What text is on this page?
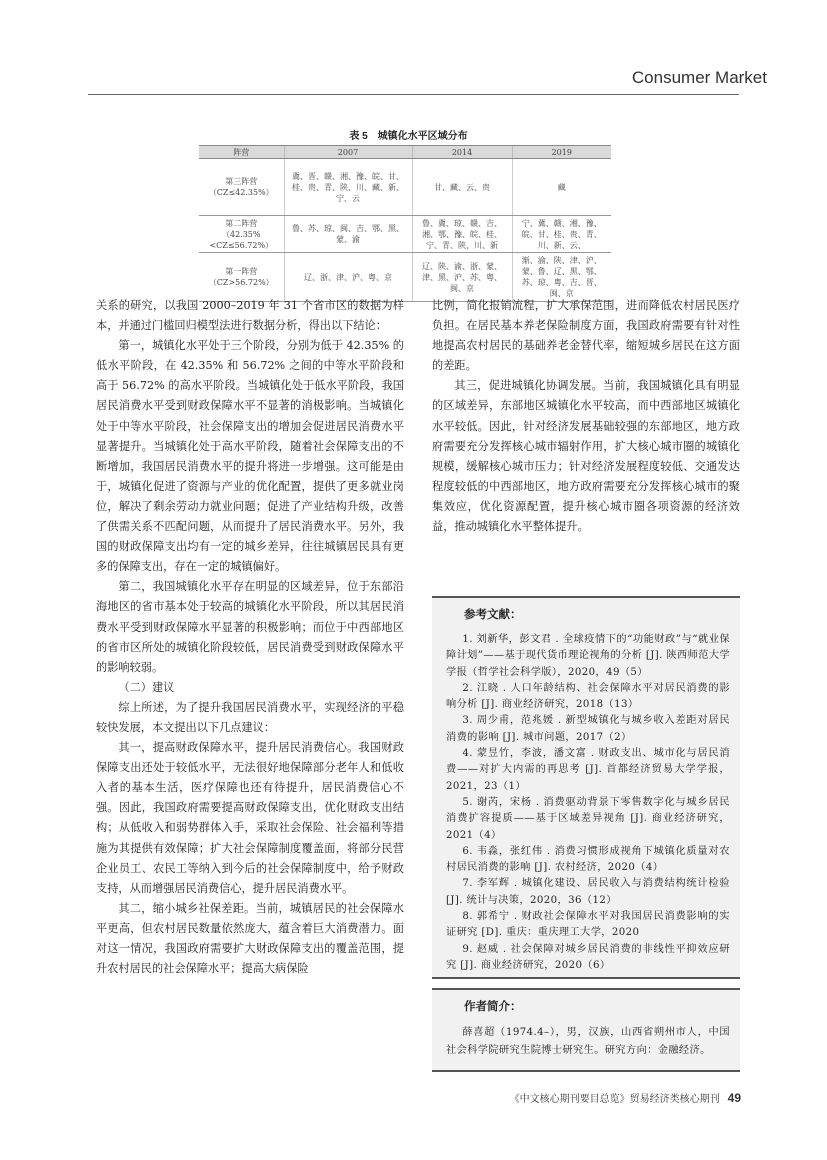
Consumer Market
表 5 城镇化水平区域分布
阵营	2007	2014	2019

第三阵营
（CZ≤42.35%）	冀、晋、赣、湘、豫、皖、甘、桂、贵、青、陕、川、藏、新、宁、云	甘、藏、云、贵	藏

第二阵营
（42.35%<CZ≤56.72%）	鲁、苏、琼、闽、吉、鄂、黑、蒙、渝	鲁、冀、琼、赣、吉、湘、鄂、豫、皖、桂、宁、青、陕、川、新	宁、冀、赣、湘、豫、皖、甘、桂、贵、青、川、新、云、

第一阵营
（CZ>56.72%）	辽、浙、津、沪、粤、京	辽、陕、渝、浙、蒙、津、黑、沪、苏、粤、闽、京	渐、渝、陕、津、沪、蒙、鲁、辽、黑、鄂、苏、琼、粤、吉、晋、闽、京

关系的研究，以我国 2000–2019 年 31 个省市区的数据为样本，并通过门槛回归模型法进行数据分析，得出以下结论：

第一，城镇化水平处于三个阶段，分别为低于 42.35% 的低水平阶段，在 42.35% 和 56.72% 之间的中等水平阶段和高于 56.72% 的高水平阶段。当城镇化处于低水平阶段，我国居民消费水平受到财政保障水平不显著的消极影响。当城镇化处于中等水平阶段，社会保障支出的增加会促进居民消费水平显著提升。当城镇化处于高水平阶段，随着社会保障支出的不断增加，我国居民消费水平的提升将进一步增强。这可能是由于，城镇化促进了资源与产业的优化配置，提供了更多就业岗位，解决了剩余劳动力就业问题；促进了产业结构升级，改善了供需关系不匹配问题，从而提升了居民消费水平。另外，我国的财政保障支出均有一定的城乡差异，往往城镇居民具有更多的保障支出，存在一定的城镇偏好。

第二，我国城镇化水平存在明显的区域差异，位于东部沿海地区的省市基本处于较高的城镇化水平阶段，所以其居民消费水平受到财政保障水平显著的积极影响；而位于中西部地区的省市区所处的城镇化阶段较低，居民消费受到财政保障水平的影响较弱。

（二）建议

综上所述，为了提升我国居民消费水平，实现经济的平稳较快发展，本文提出以下几点建议：

其一，提高财政保障水平，提升居民消费信心。我国财政保障支出还处于较低水平，无法很好地保障部分老年人和低收入者的基本生活，医疗保障也还有待提升，居民消费信心不强。因此，我国政府需要提高财政保障支出，优化财政支出结构；从低收入和弱势群体入手，采取社会保险、社会福利等措施为其提供有效保障；扩大社会保障制度覆盖面，将部分民营企业员工、农民工等纳入到今后的社会保障制度中，给予财政支持，从而增强居民消费信心，提升居民消费水平。

其二，缩小城乡社保差距。当前，城镇居民的社会保障水平更高，但农村居民数量依然庞大，蕴含着巨大消费潜力。面对这一情况，我国政府需要扩大财政保障支出的覆盖范围，提升农村居民的社会保障水平；提高大病保险

比例，简化报销流程，扩大承保范围，进而降低农村居民医疗负担。在居民基本养老保险制度方面，我国政府需要有针对性地提高农村居民的基础养老金替代率，缩短城乡居民在这方面的差距。

其三，促进城镇化协调发展。当前，我国城镇化具有明显的区域差异，东部地区城镇化水平较高，而中西部地区城镇化水平较低。因此，针对经济发展基础较强的东部地区，地方政府需要充分发挥核心城市辐射作用，扩大核心城市圈的城镇化规模，缓解核心城市压力；针对经济发展程度较低、交通发达程度较低的中西部地区，地方政府需要充分发挥核心城市的聚集效应，优化资源配置，提升核心城市圈各项资源的经济效益，推动城镇化水平整体提升。

参考文献：

1. 刘新华，彭文君 . 全球疫情下的“功能财政”与“就业保障计划”——基于现代货币理论视角的分析 [J]. 陕西师范大学学报（哲学社会科学版），2020，49（5）

2. 江晓 . 人口年龄结构、社会保障水平对居民消费的影响分析 [J]. 商业经济研究，2018（13）

3. 周少甫，范兆媛 . 新型城镇化与城乡收入差距对居民消费的影响 [J]. 城市问题，2017（2）

4. 蒙昱竹，李波，潘文富 . 财政支出、城市化与居民消费——对扩大内需的再思考 [J]. 首都经济贸易大学学报，2021，23（1）

5. 谢芮，宋杨 . 消费驱动背景下零售数字化与城乡居民消费扩容提质——基于区域差异视角 [J]. 商业经济研究，2021（4）

6. 韦淼，张红伟 . 消费习惯形成视角下城镇化质量对农村居民消费的影响 [J]. 农村经济，2020（4）

7. 李军辉 . 城镇化建设、居民收入与消费结构统计检验 [J]. 统计与决策，2020，36（12）

8. 郭希宁 . 财政社会保障水平对我国居民消费影响的实证研究 [D]. 重庆：重庆理工大学，2020

9. 赵威 . 社会保障对城乡居民消费的非线性平抑效应研究 [J]. 商业经济研究，2020（6）

作者简介：

薛喜超（1974.4–），男，汉族，山西省朔州市人，中国社会科学院研究生院博士研究生。研究方向：金融经济。

《中文核心期刊要目总览》贸易经济类核心期刊 49
